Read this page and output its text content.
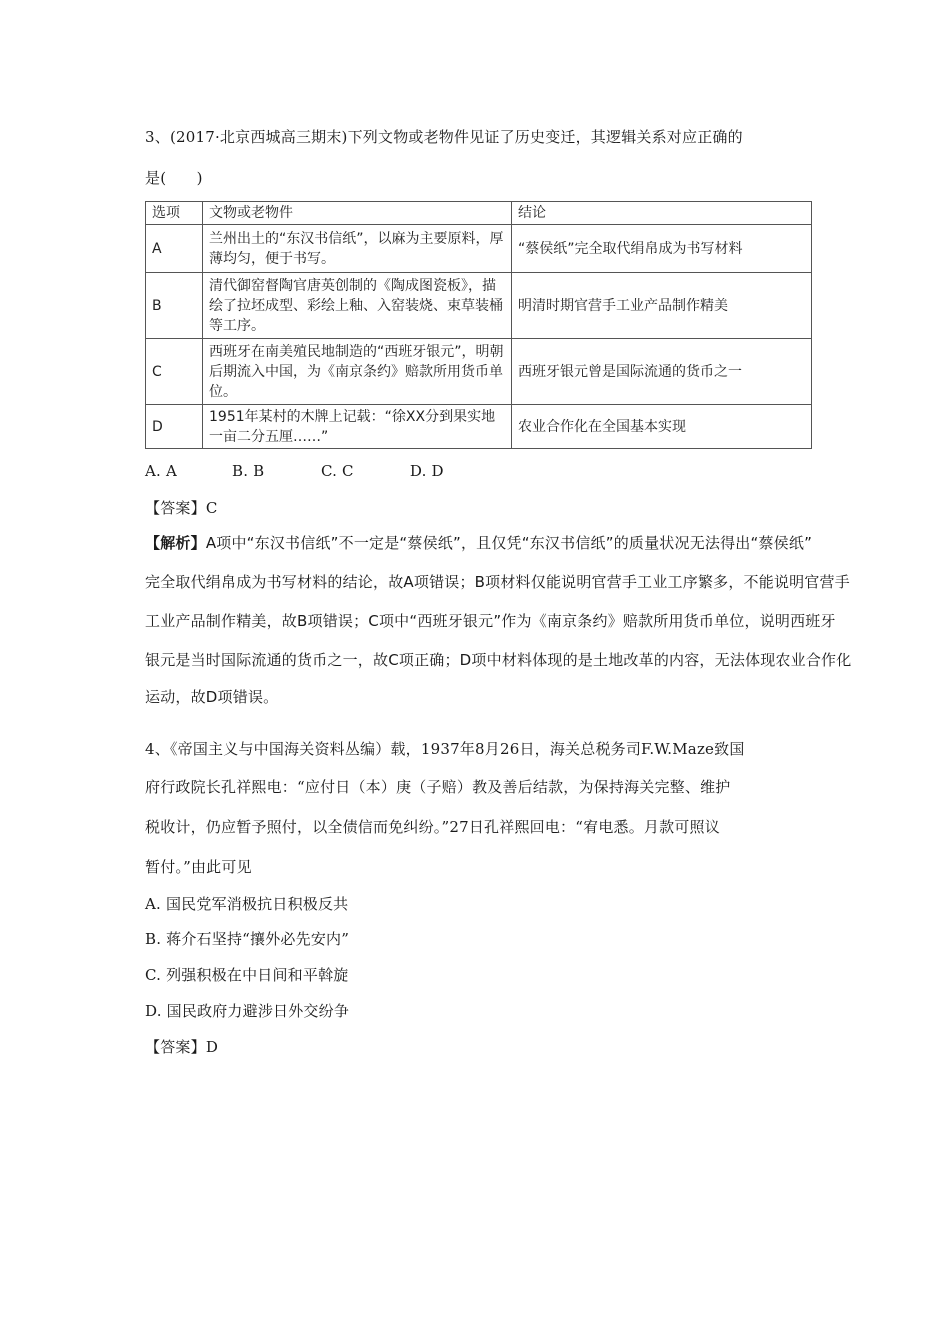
3、(2017·北京西城高三期末)下列文物或老物件见证了历史变迁，其逻辑关系对应正确的
是(　　)
选项	文物或老物件	结论
A	兰州出土的“东汉书信纸”，以麻为主要原料，厚薄均匀，便于书写。	“蔡侯纸”完全取代绢帛成为书写材料
B	清代御窑督陶官唐英创制的《陶成图瓷板》，描绘了拉坯成型、彩绘上釉、入窑装烧、束草装桶等工序。	明清时期官营手工业产品制作精美
C	西班牙在南美殖民地制造的“西班牙银元”，明朝后期流入中国，为《南京条约》赔款所用货币单位。	西班牙银元曾是国际流通的货币之一
D	1951年某村的木牌上记载：“徐XX分到果实地一亩二分五厘……”	农业合作化在全国基本实现
A. A	B. B	C. C	D. D
【答案】C
【解析】A项中“东汉书信纸”不一定是“蔡侯纸”，且仅凭“东汉书信纸”的质量状况无法得出“蔡侯纸”
完全取代绢帛成为书写材料的结论，故A项错误；B项材料仅能说明官营手工业工序繁多，不能说明官营手
工业产品制作精美，故B项错误；C项中“西班牙银元”作为《南京条约》赔款所用货币单位，说明西班牙
银元是当时国际流通的货币之一，故C项正确；D项中材料体现的是土地改革的内容，无法体现农业合作化
运动，故D项错误。
4、《帝国主义与中国海关资料丛编）载，1937年8月26日，海关总税务司F.W.Maze致国
府行政院长孔祥熙电：“应付日（本）庚（子赔）教及善后结款，为保持海关完整、维护
税收计，仍应暂予照付，以全债信而免纠纷。”27日孔祥熙回电：“宥电悉。月款可照议
暂付。”由此可见
A. 国民党军消极抗日积极反共
B. 蒋介石坚持“攘外必先安内”
C. 列强积极在中日间和平斡旋
D. 国民政府力避涉日外交纷争
【答案】D
